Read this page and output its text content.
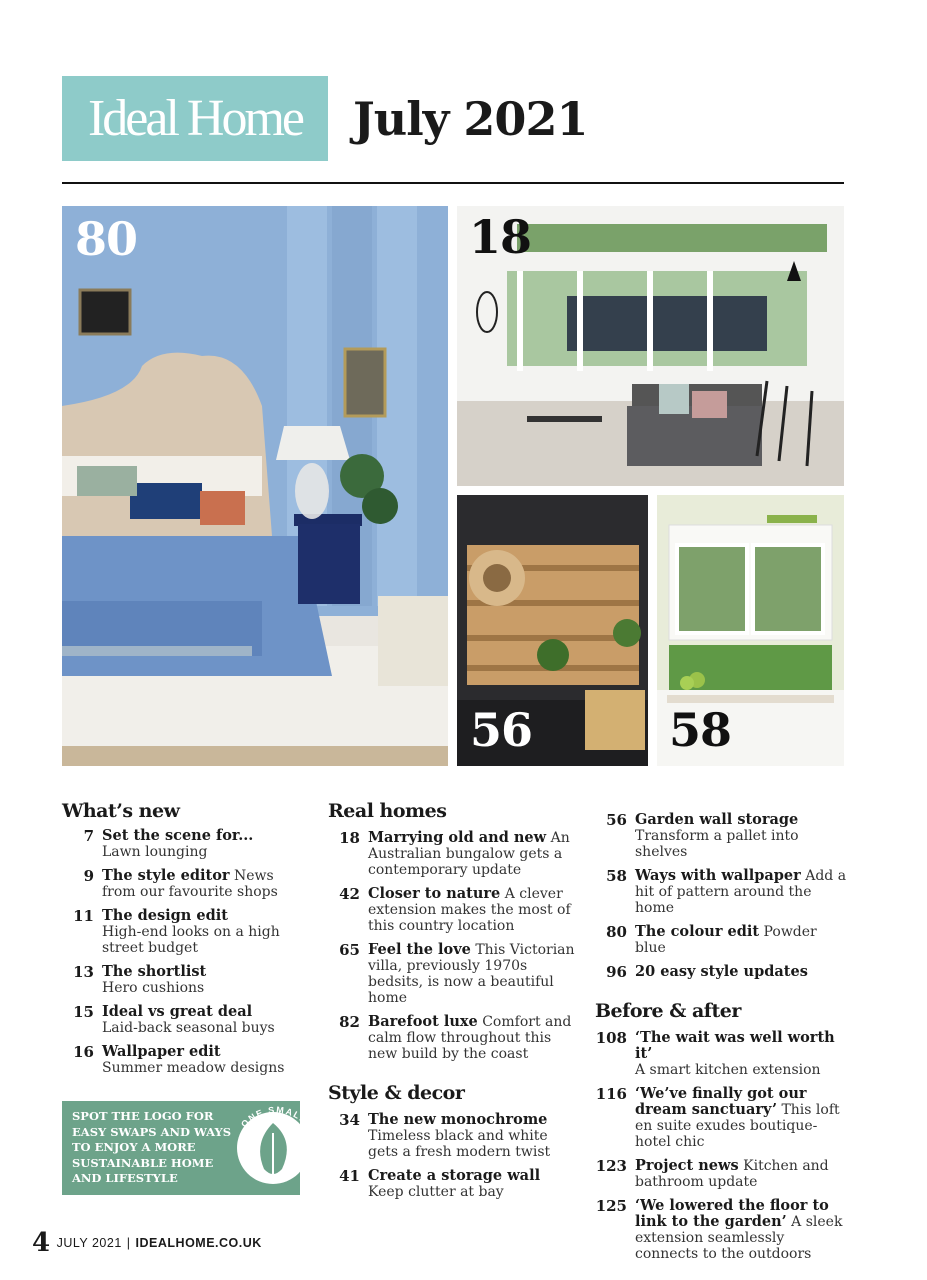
Ideal Home July 2021
80	18
56	58
What’s new
7 Set the scene for...
Lawn lounging
9 The style editor News from our favourite shops
11 The design edit
High-end looks on a high street budget
13 The shortlist
Hero cushions
15 Ideal vs great deal
Laid-back seasonal buys
16 Wallpaper edit
Summer meadow designs
SPOT THE LOGO FOR EASY SWAPS AND WAYS TO ENJOY A MORE SUSTAINABLE HOME AND LIFESTYLE
ONE SMALL STEP
Real homes
18 Marrying old and new An Australian bungalow gets a contemporary update
42 Closer to nature A clever extension makes the most of this country location
65 Feel the love This Victorian villa, previously 1970s bedsits, is now a beautiful home
82 Barefoot luxe Comfort and calm flow throughout this new build by the coast
Style & decor
34 The new monochrome
Timeless black and white gets a fresh modern twist
41 Create a storage wall
Keep clutter at bay
56 Garden wall storage
Transform a pallet into shelves
58 Ways with wallpaper Add a hit of pattern around the home
80 The colour edit Powder blue
96 20 easy style updates
Before & after
108 ‘The wait was well worth it’
A smart kitchen extension
116 ‘We’ve finally got our dream sanctuary’ This loft en suite exudes boutique-hotel chic
123 Project news Kitchen and bathroom update
125 ‘We lowered the floor to link to the garden’ A sleek extension seamlessly connects to the outdoors
4 JULY 2021 | IDEALHOME.CO.UK
